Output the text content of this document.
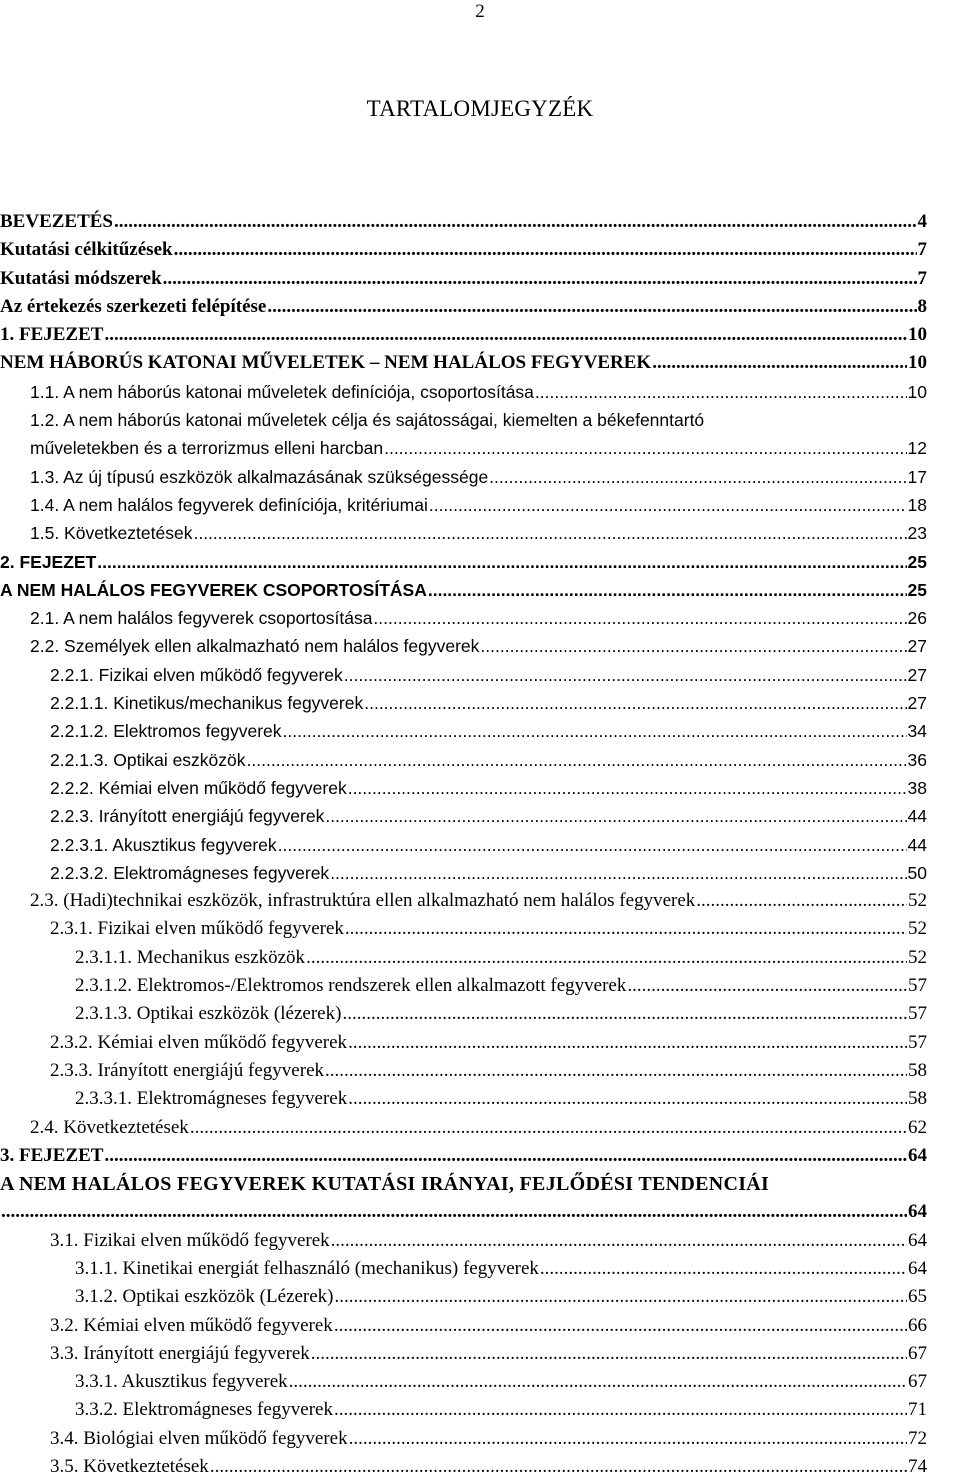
2
TARTALOMJEGYZÉK
BEVEZETÉS .....	4
Kutatási célkitűzések .....	7
Kutatási módszerek .....	7
Az értekezés szerkezeti felépítése .....	8
1. FEJEZET .....	10
NEM HÁBORÚS KATONAI MŰVELETEK – NEM HALÁLOS FEGYVEREK .....	10
1.1. A nem háborús katonai műveletek definíciója, csoportosítása .....	10
1.2. A nem háborús katonai műveletek célja és sajátosságai, kiemelten a békefenntartó
műveletekben és a terrorizmus elleni harcban .....	12
1.3. Az új típusú eszközök alkalmazásának szükségessége .....	17
1.4. A nem halálos fegyverek definíciója, kritériumai .....	18
1.5. Következtetések .....	23
2. FEJEZET .....	25
A NEM HALÁLOS FEGYVEREK CSOPORTOSÍTÁSA .....	25
2.1. A nem halálos fegyverek csoportosítása .....	26
2.2. Személyek ellen alkalmazható nem halálos fegyverek .....	27
2.2.1. Fizikai elven működő fegyverek .....	27
2.2.1.1. Kinetikus/mechanikus fegyverek .....	27
2.2.1.2. Elektromos fegyverek .....	34
2.2.1.3. Optikai eszközök .....	36
2.2.2. Kémiai elven működő fegyverek .....	38
2.2.3. Irányított energiájú fegyverek .....	44
2.2.3.1. Akusztikus fegyverek .....	44
2.2.3.2. Elektromágneses fegyverek .....	50
2.3. (Hadi)technikai eszközök, infrastruktúra ellen alkalmazható nem halálos fegyverek .....	52
2.3.1. Fizikai elven működő fegyverek .....	52
2.3.1.1. Mechanikus eszközök .....	52
2.3.1.2. Elektromos-/Elektromos rendszerek ellen alkalmazott fegyverek .....	57
2.3.1.3. Optikai eszközök (lézerek) .....	57
2.3.2. Kémiai elven működő fegyverek .....	57
2.3.3. Irányított energiájú fegyverek .....	58
2.3.3.1. Elektromágneses fegyverek .....	58
2.4. Következtetések .....	62
3. FEJEZET .....	64
A NEM HALÁLOS FEGYVEREK KUTATÁSI IRÁNYAI, FEJLŐDÉSI TENDENCIÁI
.....
64
3.1. Fizikai elven működő fegyverek .....	64
3.1.1. Kinetikai energiát felhasználó (mechanikus) fegyverek .....	64
3.1.2. Optikai eszközök (Lézerek) .....	65
3.2. Kémiai elven működő fegyverek .....	66
3.3. Irányított energiájú fegyverek .....	67
3.3.1. Akusztikus fegyverek .....	67
3.3.2. Elektromágneses fegyverek .....	71
3.4. Biológiai elven működő fegyverek .....	72
3.5. Következtetések .....	74
